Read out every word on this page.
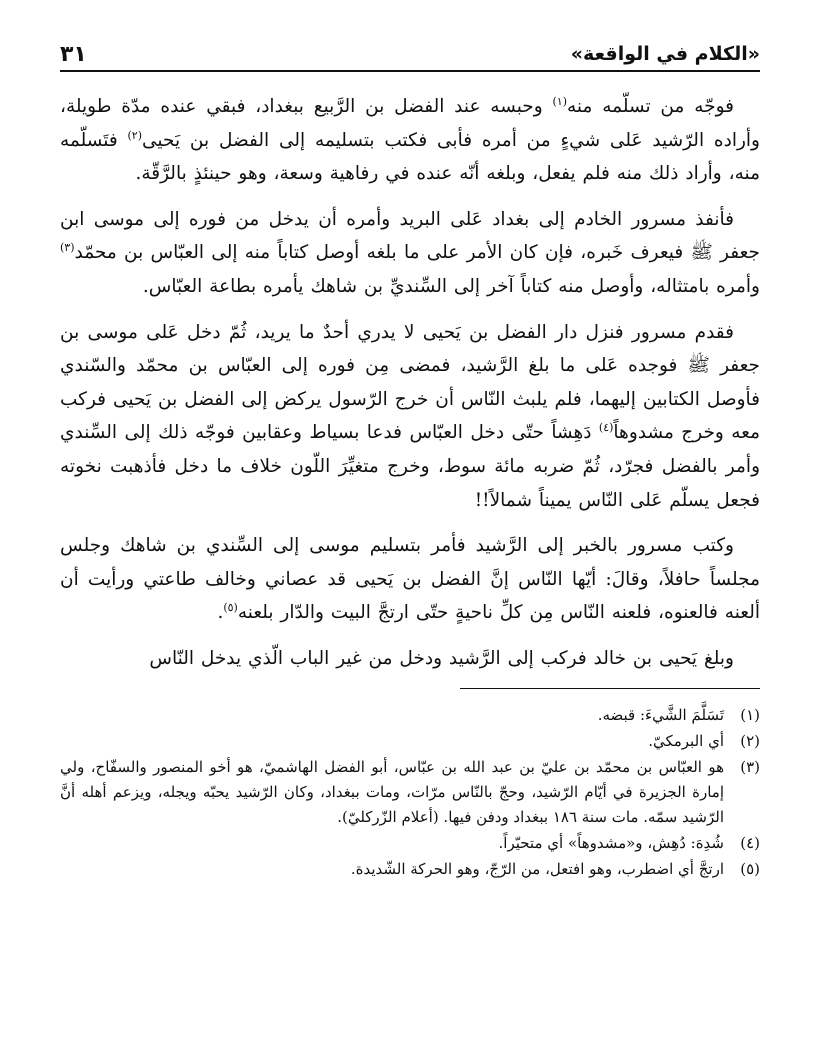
«الكلام في الواقعة»
٣١

فوجّه من تسلّمه منه$^{(١)}$ وحبسه عند الفضل بن الرَّبيع ببغداد، فبقي عنده مدّة طويلة، وأراده الرّشيد عَلى شيءٍ من أمره فأبى فكتب بتسليمه إلى الفضل بن يَحيى$^{(٢)}$ فتَسلّمه منه، وأراد ذلك منه فلم يفعل، وبلغه أنّه عنده في رفاهية وسعة، وهو حينئذٍ بالرَّقّة.

فأنفذ مسرور الخادم إلى بغداد عَلى البريد وأمره أن يدخل من فوره إلى موسى ابن جعفر ﷺ فيعرف خَبره، فإن كان الأمر على ما بلغه أوصل كتاباً منه إلى العبّاس بن محمّد$^{(٣)}$ وأمره بامتثاله، وأوصل منه كتاباً آخر إلى السِّنديِّ بن شاهك يأمره بطاعة العبّاس.

فقدم مسرور فنزل دار الفضل بن يَحيى لا يدري أحدٌ ما يريد، ثُمّ دخل عَلى موسى بن جعفر ﷺ فوجده عَلى ما بلغ الرَّشيد، فمضى مِن فوره إلى العبّاس بن محمّد والسّندي فأوصل الكتابين إليهما، فلم يلبث النّاس أن خرج الرّسول يركض إلى الفضل بن يَحيى فركب معه وخرج مشدوهاً$^{(٤)}$ دَهِشاً حتّى دخل العبّاس فدعا بسياط وعقابين فوجّه ذلك إلى السِّندي وأمر بالفضل فجرّد، ثُمّ ضربه مائة سوط، وخرج متغيِّرَ اللّون خلاف ما دخل فأذهبت نخوته فجعل يسلّم عَلى النّاس يميناً شمالاً!!

وكتب مسرور بالخبر إلى الرَّشيد فأمر بتسليم موسى إلى السِّندي بن شاهك وجلس مجلساً حافلاً، وقالَ: أيّها النّاس إنَّ الفضل بن يَحيى قد عصاني وخالف طاعتي ورأيت أن ألعنه فالعنوه، فلعنه النّاس مِن كلِّ ناحيةٍ حتّى ارتجَّ البيت والدّار بلعنه$^{(٥)}$.

وبلغ يَحيى بن خالد فركب إلى الرَّشيد ودخل من غير الباب الّذي يدخل النّاس

(١)
تَسَلَّمَ الشَّيءَ: قبضه.
(٢)
أي البرمكيّ.
(٣)
هو العبّاس بن محمّد بن عليّ بن عبد الله بن عبّاس، أبو الفضل الهاشميّ، هو أخو المنصور والسفّاح، ولي إمارة الجزيرة في أيّام الرّشيد، وحجّ بالنّاس مرّات، ومات ببغداد، وكان الرّشيد يحبّه ويجله، ويزعم أهله أنَّ الرّشيد سمّه. مات سنة ١٨٦ ببغداد ودفن فيها. (أعلام الزّركليّ).
(٤)
شُدِهَ: دُهِش، و«مشدوهاً» أي متحيّراً.
(٥)
ارتجَّ أي اضطرب، وهو افتعل، من الرّجّ، وهو الحركة الشّديدة.
